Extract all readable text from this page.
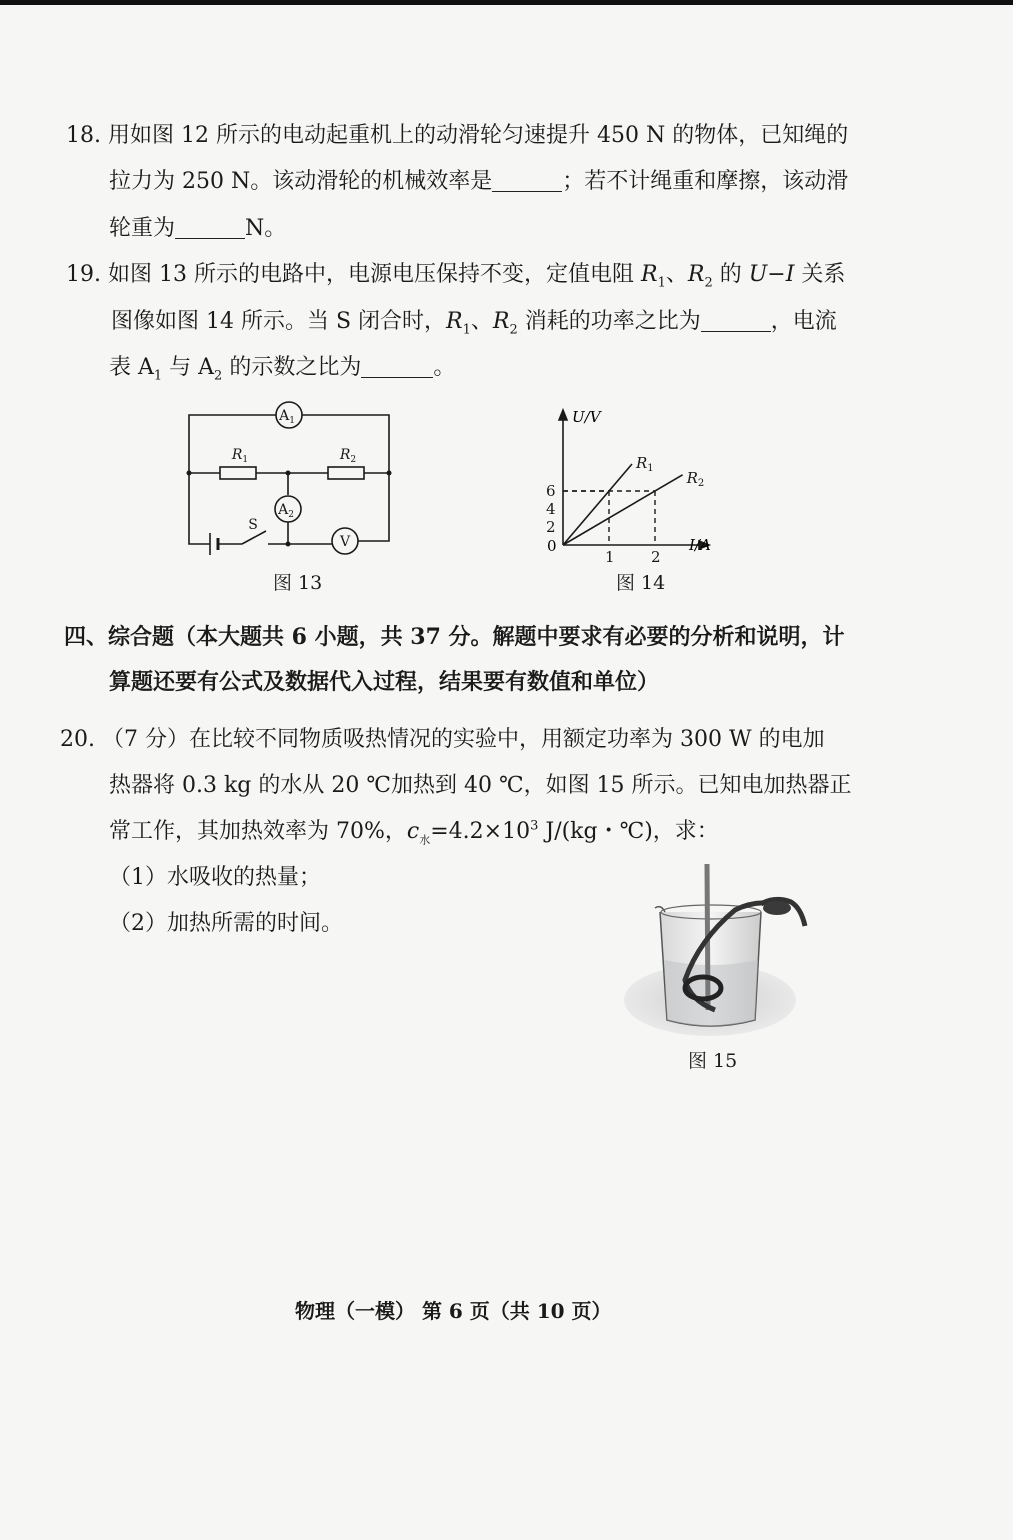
18. 用如图 12 所示的电动起重机上的动滑轮匀速提升 450 N 的物体，已知绳的
拉力为 250 N。该动滑轮的机械效率是	；若不计绳重和摩擦，该动滑
轮重为	N。
19. 如图 13 所示的电路中，电源电压保持不变，定值电阻 $R_1$、$R_2$ 的 U−I 关系
图像如图 14 所示。当 S 闭合时，$R_1$、$R_2$ 消耗的功率之比为	，电流
表 $A_1$ 与 $A_2$ 的示数之比为	。
$A_1$
$A_2$
V
$R_1$	$R_2$
S
图 13
$R_1$
$R_2$
2
4
6
1 2
U/V
I/A
0
图 14
四、综合题（本大题共 6 小题，共 37 分。解题中要求有必要的分析和说明，计
算题还要有公式及数据代入过程，结果要有数值和单位）
20. （7 分）在比较不同物质吸热情况的实验中，用额定功率为 300 W 的电加
热器将 0.3 kg 的水从 20 ℃加热到 40 ℃，如图 15 所示。已知电加热器正
常工作，其加热效率为 70%，$c_水=4.2\times 10^3$ J/(kg・℃)，求：
（1）水吸收的热量；
（2）加热所需的时间。
图 15
物理（一模） 第 6 页（共 10 页）
